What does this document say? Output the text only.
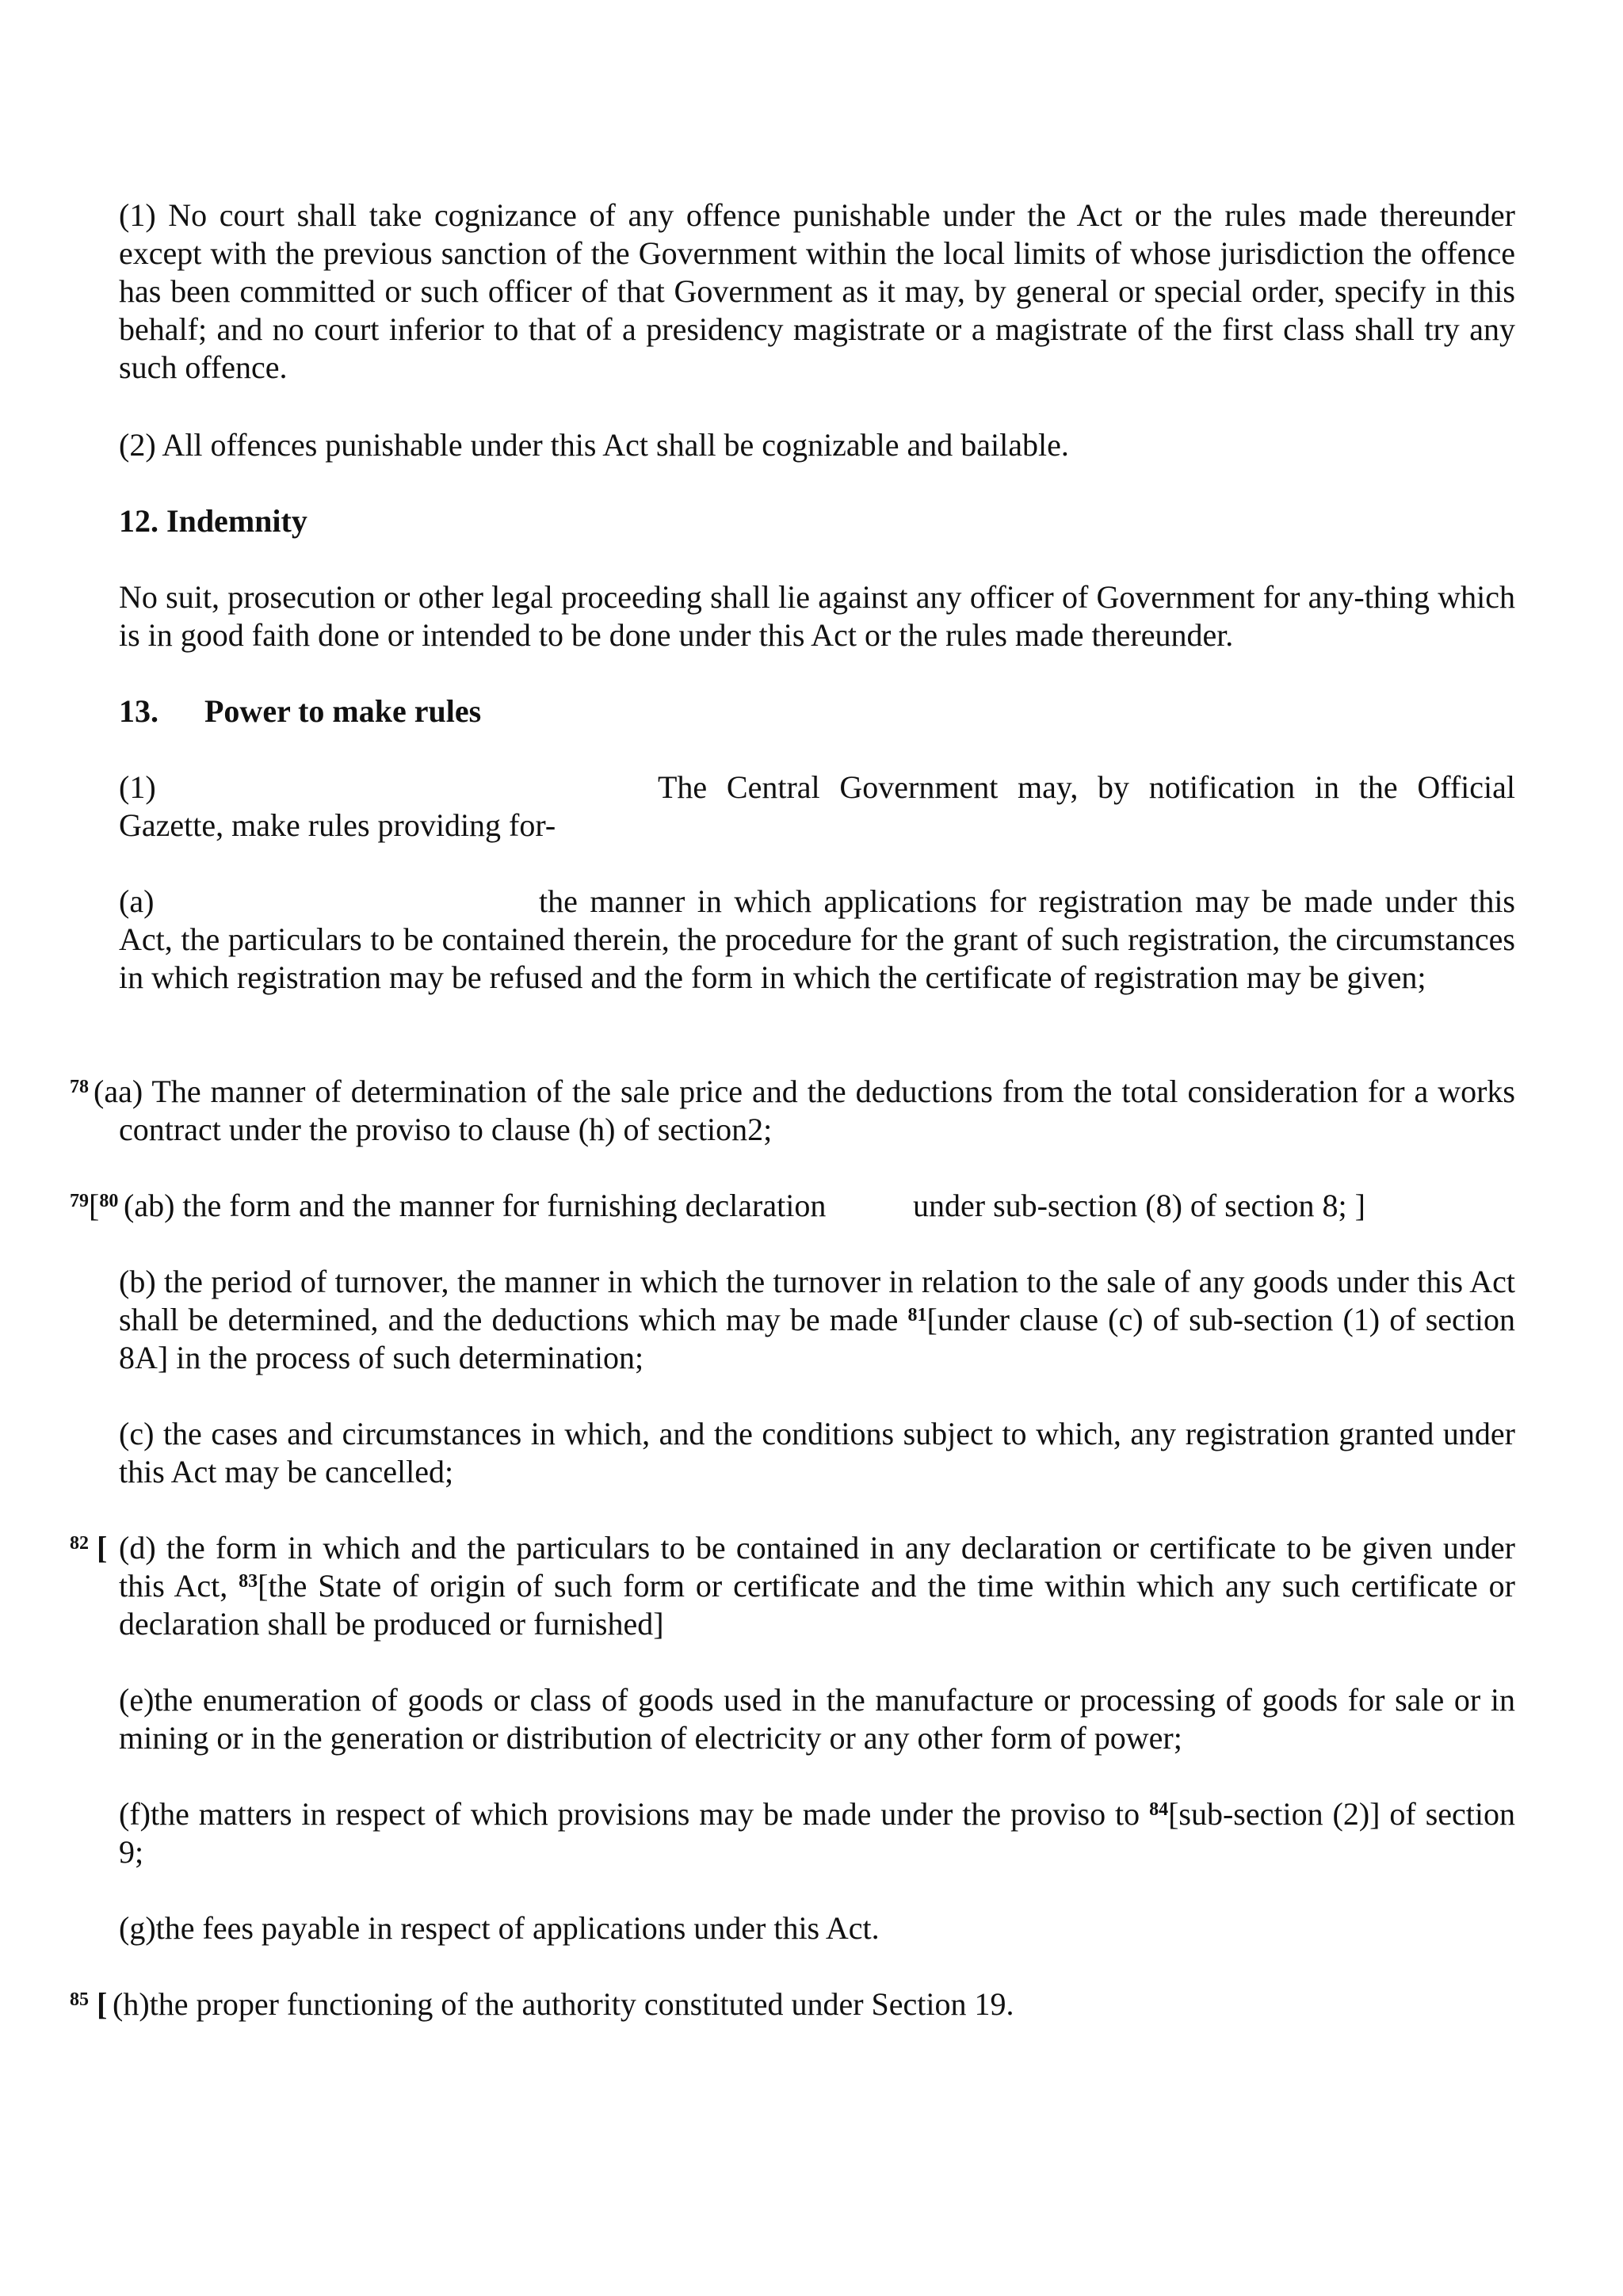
(1) No court shall take cognizance of any offence punishable under the Act or the rules made thereunder except with the previous sanction of the Government within the local limits of whose jurisdiction the offence has been committed or such officer of that Government as it may, by general or special order, specify in this behalf; and no court inferior to that of a presidency magistrate or a magistrate of the first class shall try any such offence.

(2) All offences punishable under this Act shall be cognizable and bailable.

12. Indemnity

No suit, prosecution or other legal proceeding shall lie against any officer of Government for any-thing which is in good faith done or intended to be done under this Act or the rules made thereunder.

13. Power to make rules

(1)	The Central Government may, by notification in the Official
Gazette, make rules providing for-
(a)	the manner in which applications for registration may be made under this
Act, the particulars to be contained therein, the procedure for the grant of such registration, the circumstances in which registration may be refused and the form in which the certificate of registration may be given;
$^{78}$ (aa) The manner of determination of the sale price and the deductions from the total consideration for a works contract under the proviso to clause (h) of section2;
$^{79}$[$^{80}$ (ab) the form and the manner for furnishing declaration	under sub-section (8) of section 8; ]

(b) the period of turnover, the manner in which the turnover in relation to the sale of any goods under this Act shall be determined, and the deductions which may be made $^{81}$[under clause (c) of sub-section (1) of section 8A] in the process of such determination;

(c) the cases and circumstances in which, and the conditions subject to which, any registration granted under this Act may be cancelled;

$^{82}$ [ (d) the form in which and the particulars to be contained in any declaration or certificate to be given under this Act, $^{83}$[the State of origin of such form or certificate and the time within which any such certificate or declaration shall be produced or furnished]

(e)the enumeration of goods or class of goods used in the manufacture or processing of goods for sale or in mining or in the generation or distribution of electricity or any other form of power;

(f)the matters in respect of which provisions may be made under the proviso to $^{84}$[sub-section (2)] of section 9;

(g)the fees payable in respect of applications under this Act.

$^{85}$ [ (h)the proper functioning of the authority constituted under Section 19.
